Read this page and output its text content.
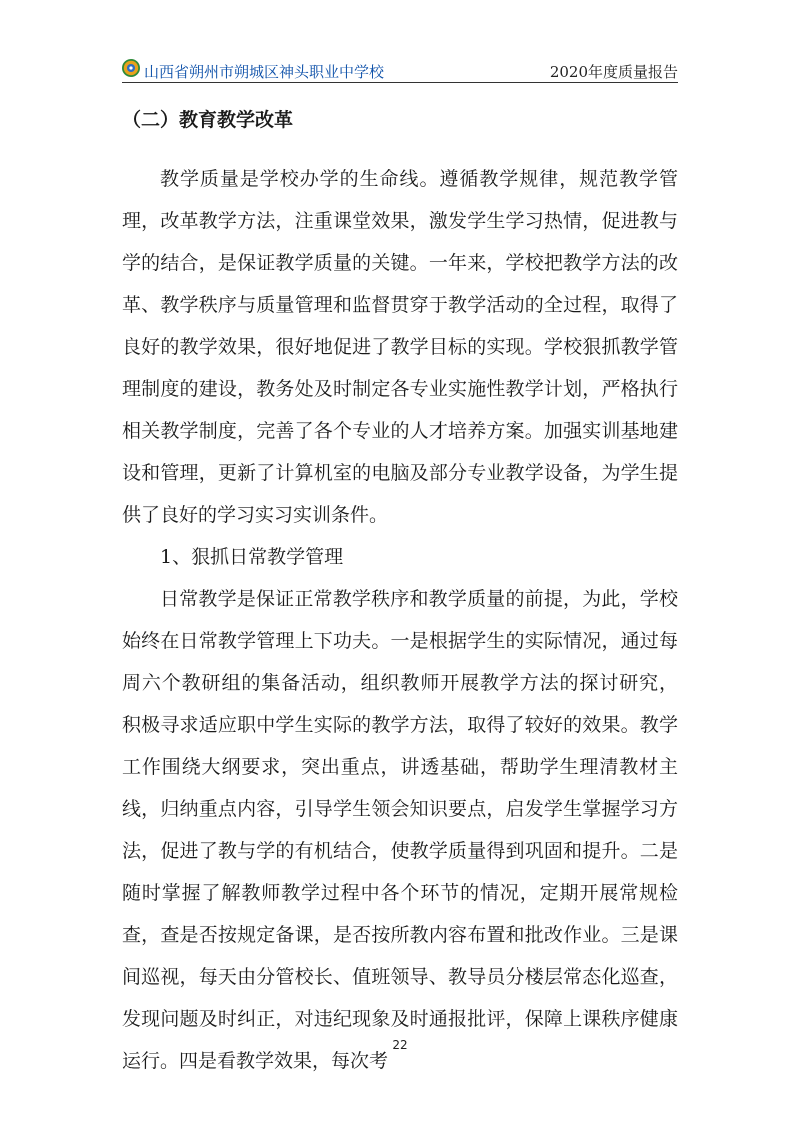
山西省朔州市朔城区神头职业中学校	2020年度质量报告
（二）教育教学改革

教学质量是学校办学的生命线。遵循教学规律，规范教学管理，改革教学方法，注重课堂效果，激发学生学习热情，促进教与学的结合，是保证教学质量的关键。一年来，学校把教学方法的改革、教学秩序与质量管理和监督贯穿于教学活动的全过程，取得了良好的教学效果，很好地促进了教学目标的实现。学校狠抓教学管理制度的建设，教务处及时制定各专业实施性教学计划，严格执行相关教学制度，完善了各个专业的人才培养方案。加强实训基地建设和管理，更新了计算机室的电脑及部分专业教学设备，为学生提供了良好的学习实习实训条件。

1、狠抓日常教学管理

日常教学是保证正常教学秩序和教学质量的前提，为此，学校始终在日常教学管理上下功夫。一是根据学生的实际情况，通过每周六个教研组的集备活动，组织教师开展教学方法的探讨研究， 积极寻求适应职中学生实际的教学方法，取得了较好的效果。教学工作围绕大纲要求，突出重点，讲透基础，帮助学生理清教材主线，归纳重点内容，引导学生领会知识要点，启发学生掌握学习方法，促进了教与学的有机结合，使教学质量得到巩固和提升。二是随时掌握了解教师教学过程中各个环节的情况，定期开展常规检查，查是否按规定备课，是否按所教内容布置和批改作业。三是课间巡视，每天由分管校长、值班领导、教导员分楼层常态化巡查，发现问题及时纠正，对违纪现象及时通报批评，保障上课秩序健康运行。四是看教学效果，每次考

22
